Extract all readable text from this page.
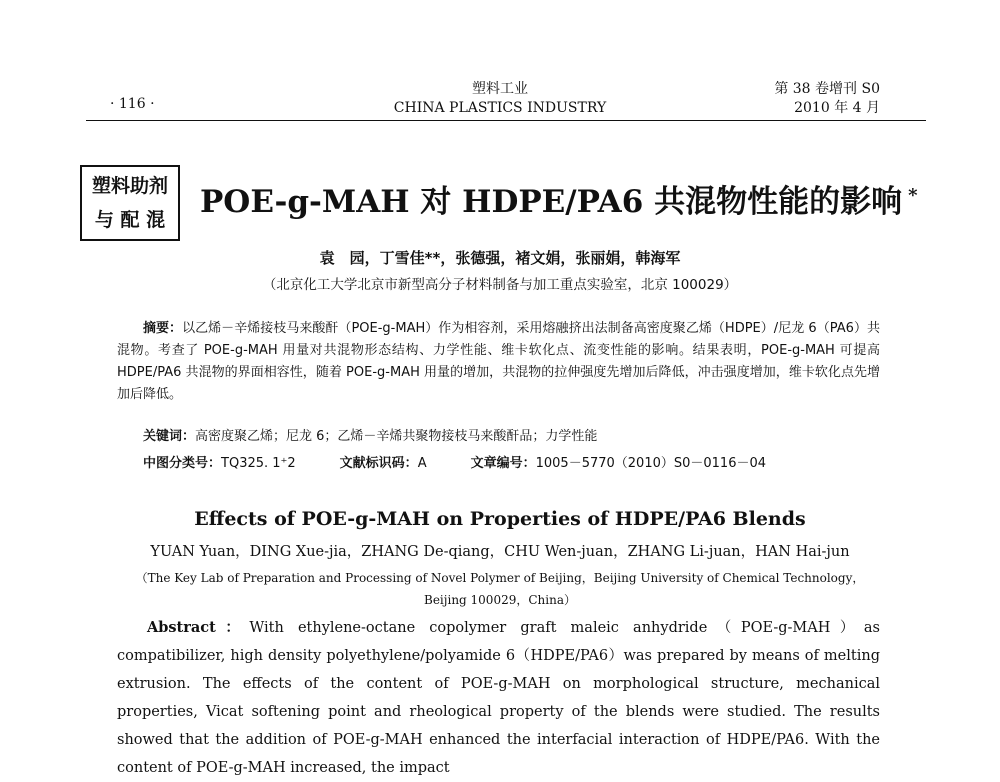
· 116 ·
塑料工业
CHINA PLASTICS INDUSTRY
第 38 卷增刊 S0
2010 年 4 月
塑料助剂
与 配 混	POE-g-MAH 对 HDPE/PA6 共混物性能的影响 *
袁　园，丁雪佳**，张德强，褚文娟，张丽娟，韩海军
（北京化工大学北京市新型高分子材料制备与加工重点实验室，北京 100029）
摘要：以乙烯－辛烯接枝马来酸酐（POE-g-MAH）作为相容剂，采用熔融挤出法制备高密度聚乙烯（HDPE）/尼龙 6（PA6）共混物。考查了 POE-g-MAH 用量对共混物形态结构、力学性能、维卡软化点、流变性能的影响。结果表明，POE-g-MAH 可提高 HDPE/PA6 共混物的界面相容性，随着 POE-g-MAH 用量的增加，共混物的拉伸强度先增加后降低，冲击强度增加，维卡软化点先增加后降低。
关键词：高密度聚乙烯；尼龙 6；乙烯－辛烯共聚物接枝马来酸酐品；力学性能
中图分类号：TQ325. 1⁺2	文献标识码：A	文章编号：1005－5770（2010）S0－0116－04
Effects of POE-g-MAH on Properties of HDPE/PA6 Blends
YUAN Yuan，DING Xue-jia，ZHANG De-qiang，CHU Wen-juan，ZHANG Li-juan，HAN Hai-jun
（The Key Lab of Preparation and Processing of Novel Polymer of Beijing，Beijing University of Chemical Technology，
Beijing 100029，China）
Abstract：With ethylene-octane copolymer graft maleic anhydride（POE-g-MAH）as compatibilizer, high density polyethylene/polyamide 6（HDPE/PA6）was prepared by means of melting extrusion. The effects of the content of POE-g-MAH on morphological structure, mechanical properties, Vicat softening point and rheological property of the blends were studied. The results showed that the addition of POE-g-MAH enhanced the interfacial interaction of HDPE/PA6. With the content of POE-g-MAH increased, the impact
